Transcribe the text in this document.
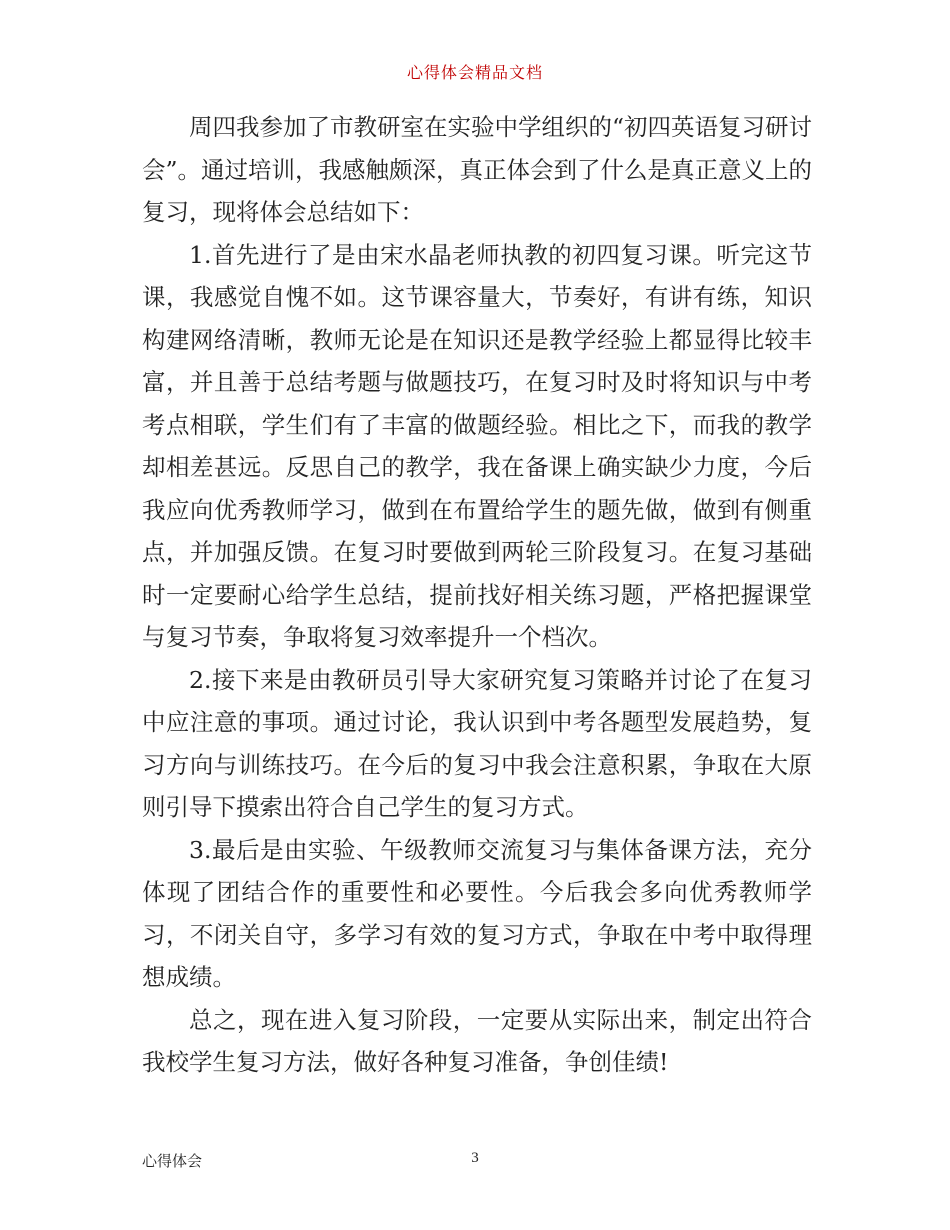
心得体会精品文档

周四我参加了市教研室在实验中学组织的“初四英语复习研讨会”。通过培训，我感触颇深，真正体会到了什么是真正意义上的复习，现将体会总结如下：

1.首先进行了是由宋水晶老师执教的初四复习课。听完这节课，我感觉自愧不如。这节课容量大，节奏好，有讲有练，知识构建网络清晰，教师无论是在知识还是教学经验上都显得比较丰富，并且善于总结考题与做题技巧，在复习时及时将知识与中考考点相联，学生们有了丰富的做题经验。相比之下，而我的教学却相差甚远。反思自己的教学，我在备课上确实缺少力度，今后我应向优秀教师学习，做到在布置给学生的题先做，做到有侧重点，并加强反馈。在复习时要做到两轮三阶段复习。在复习基础时一定要耐心给学生总结，提前找好相关练习题，严格把握课堂与复习节奏，争取将复习效率提升一个档次。

2.接下来是由教研员引导大家研究复习策略并讨论了在复习中应注意的事项。通过讨论，我认识到中考各题型发展趋势，复习方向与训练技巧。在今后的复习中我会注意积累，争取在大原则引导下摸索出符合自己学生的复习方式。

3.最后是由实验、午级教师交流复习与集体备课方法，充分体现了团结合作的重要性和必要性。今后我会多向优秀教师学习，不闭关自守，多学习有效的复习方式，争取在中考中取得理想成绩。

总之，现在进入复习阶段，一定要从实际出来，制定出符合我校学生复习方法，做好各种复习准备，争创佳绩!

心得体会	3
